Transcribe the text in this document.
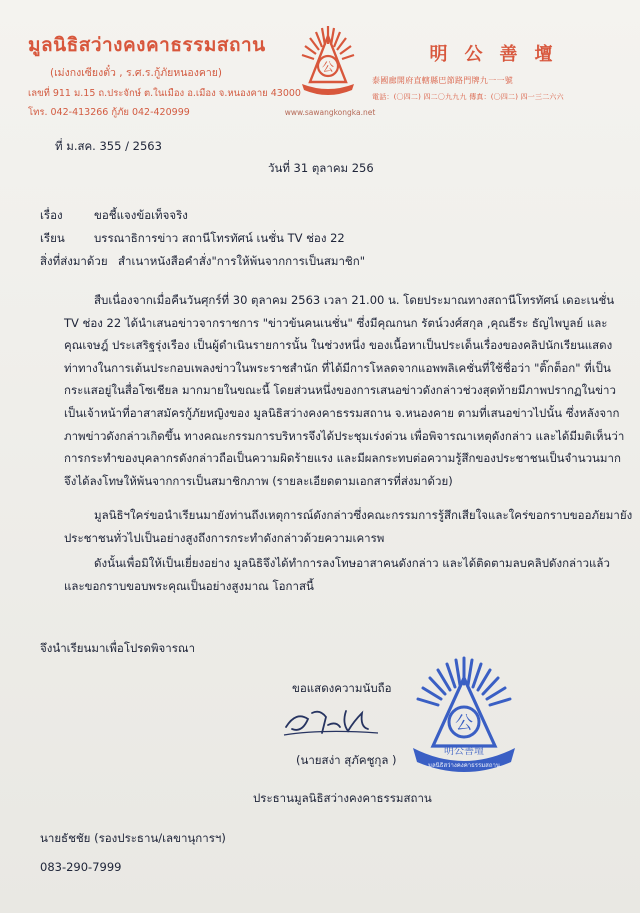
มูลนิธิสว่างคงคาธรรมสถาน
(เม่งกงเซียงตั๋ว , ร.ศ.ร.กู้ภัยหนองคาย)
เลขที่ 911 ม.15 ถ.ประจักษ์ ต.ในเมือง อ.เมือง จ.หนองคาย 43000
โทร. 042-413266 กู้ภัย 042-420999
公
www.sawangkongka.net
明公善壇
泰國廊開府直轄縣巴節路門牌九一一號
電話：(〇四二) 四二〇九九九 傳真：(〇四二) 四一三二六六
ที่ ม.สค. 355 / 2563
วันที่ 31 ตุลาคม 256
เรื่อง	ขอชี้แจงข้อเท็จจริง
เรียน	บรรณาธิการข่าว สถานีโทรทัศน์ เนชั่น TV ช่อง 22
สิ่งที่ส่งมาด้วย สำเนาหนังสือคำสั่ง"การให้พ้นจากการเป็นสมาชิก"
สืบเนื่องจากเมื่อคืนวันศุกร์ที่ 30 ตุลาคม 2563 เวลา 21.00 น. โดยประมาณทางสถานีโทรทัศน์ เดอะเนชั่น
TV ช่อง 22 ได้นำเสนอข่าวจากราชการ "ข่าวข้นคนเนชั่น" ซึ่งมีคุณกนก รัตน์วงศ์สกุล ,คุณธีระ ธัญไพบูลย์ และ
คุณเจษฎ์ ประเสริฐรุ่งเรือง เป็นผู้ดำเนินรายการนั้น ในช่วงหนึ่ง ของเนื้อหาเป็นประเด็นเรื่องของคลิปนักเรียนแสดง
ท่าทางในการเต้นประกอบเพลงข่าวในพระราชสำนัก ที่ได้มีการโหลดจากแอพพลิเคชั่นที่ใช้ชื่อว่า "ติ๊กต็อก" ที่เป็น
กระแสอยู่ในสื่อโซเชียล มากมายในขณะนี้ โดยส่วนหนึ่งของการเสนอข่าวดังกล่าวช่วงสุดท้ายมีภาพปรากฏในข่าว
เป็นเจ้าหน้าที่อาสาสมัครกู้ภัยหญิงของ มูลนิธิสว่างคงคาธรรมสถาน จ.หนองคาย ตามที่เสนอข่าวไปนั้น ซึ่งหลังจาก
ภาพข่าวดังกล่าวเกิดขึ้น ทางคณะกรรมการบริหารจึงได้ประชุมเร่งด่วน เพื่อพิจารณาเหตุดังกล่าว และได้มีมติเห็นว่า
การกระทำของบุคลากรดังกล่าวถือเป็นความผิดร้ายแรง และมีผลกระทบต่อความรู้สึกของประชาชนเป็นจำนวนมาก
จึงได้ลงโทษให้พ้นจากการเป็นสมาชิกภาพ (รายละเอียดตามเอกสารที่ส่งมาด้วย)
มูลนิธิฯใคร่ขอนำเรียนมายังท่านถึงเหตุการณ์ดังกล่าวซึ่งคณะกรรมการรู้สึกเสียใจและใคร่ขอกราบขออภัยมายัง
ประชาชนทั่วไปเป็นอย่างสูงถึงการกระทำดังกล่าวด้วยความเคารพ
ดังนั้นเพื่อมิให้เป็นเยี่ยงอย่าง มูลนิธิจึงได้ทำการลงโทษอาสาคนดังกล่าว และได้ติดตามลบคลิปดังกล่าวแล้ว
และขอกราบขอบพระคุณเป็นอย่างสูงมาณ โอกาสนี้
จึงนำเรียนมาเพื่อโปรดพิจารณา
ขอแสดงความนับถือ
(นายสง่า สุภัคชูกุล )
ประธานมูลนิธิสว่างคงคาธรรมสถาน
公
明公善壇
มูลนิธิสว่างคงคาธรรมสถาน
นายธัชชัย (รองประธาน/เลขานุการฯ)
083-290-7999
